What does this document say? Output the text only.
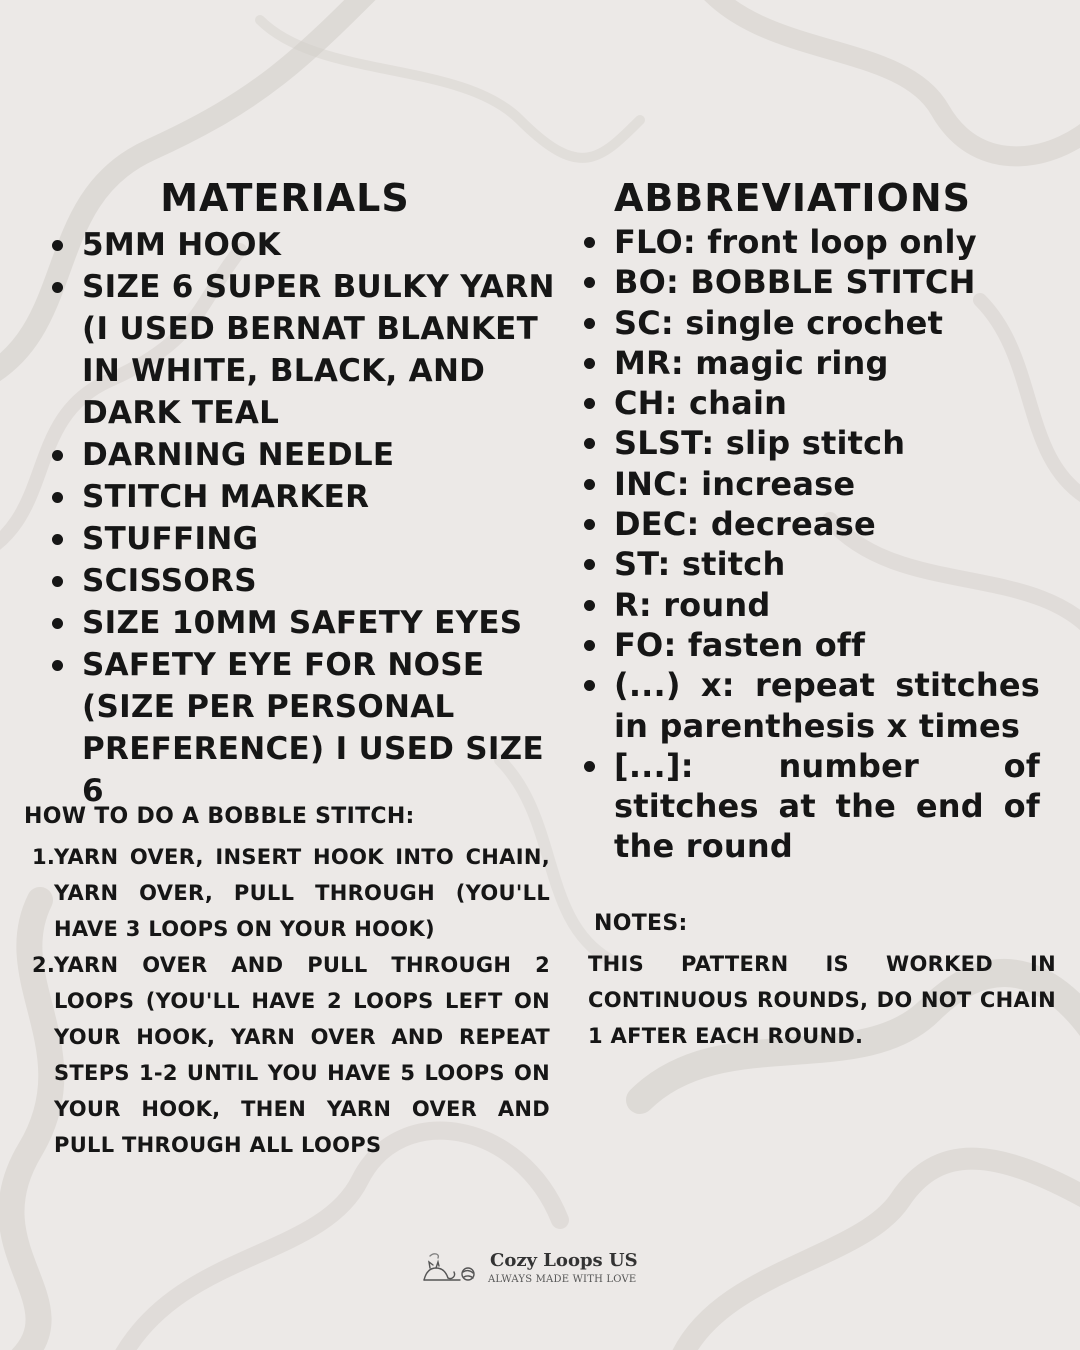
MATERIALS
5MM HOOK
SIZE 6 SUPER BULKY YARN
(I USED BERNAT BLANKET
IN WHITE, BLACK, AND
DARK TEAL
DARNING NEEDLE
STITCH MARKER
STUFFING
SCISSORS
SIZE 10MM SAFETY EYES
SAFETY EYE FOR NOSE
(SIZE PER PERSONAL
PREFERENCE) I USED SIZE 6
ABBREVIATIONS
FLO: front loop only
BO: BOBBLE STITCH
SC: single crochet
MR: magic ring
CH: chain
SLST: slip stitch
INC: increase
DEC: decrease
ST: stitch
R: round
FO: fasten off
(...) x: repeat stitches in parenthesis x times
[...]:	number of stitches at the end of the round
HOW TO DO A BOBBLE STITCH:
1.
YARN OVER, INSERT HOOK INTO CHAIN, YARN OVER, PULL THROUGH (YOU'LL HAVE 3 LOOPS ON YOUR HOOK)
2.
YARN OVER AND PULL THROUGH 2 LOOPS (YOU'LL HAVE 2 LOOPS LEFT ON YOUR HOOK, YARN OVER AND REPEAT STEPS 1-2 UNTIL YOU HAVE 5 LOOPS ON YOUR HOOK, THEN YARN OVER AND PULL THROUGH ALL LOOPS
NOTES:

THIS PATTERN IS WORKED IN CONTINUOUS ROUNDS, DO NOT CHAIN 1 AFTER EACH ROUND.

Cozy Loops US
ALWAYS MADE WITH LOVE
